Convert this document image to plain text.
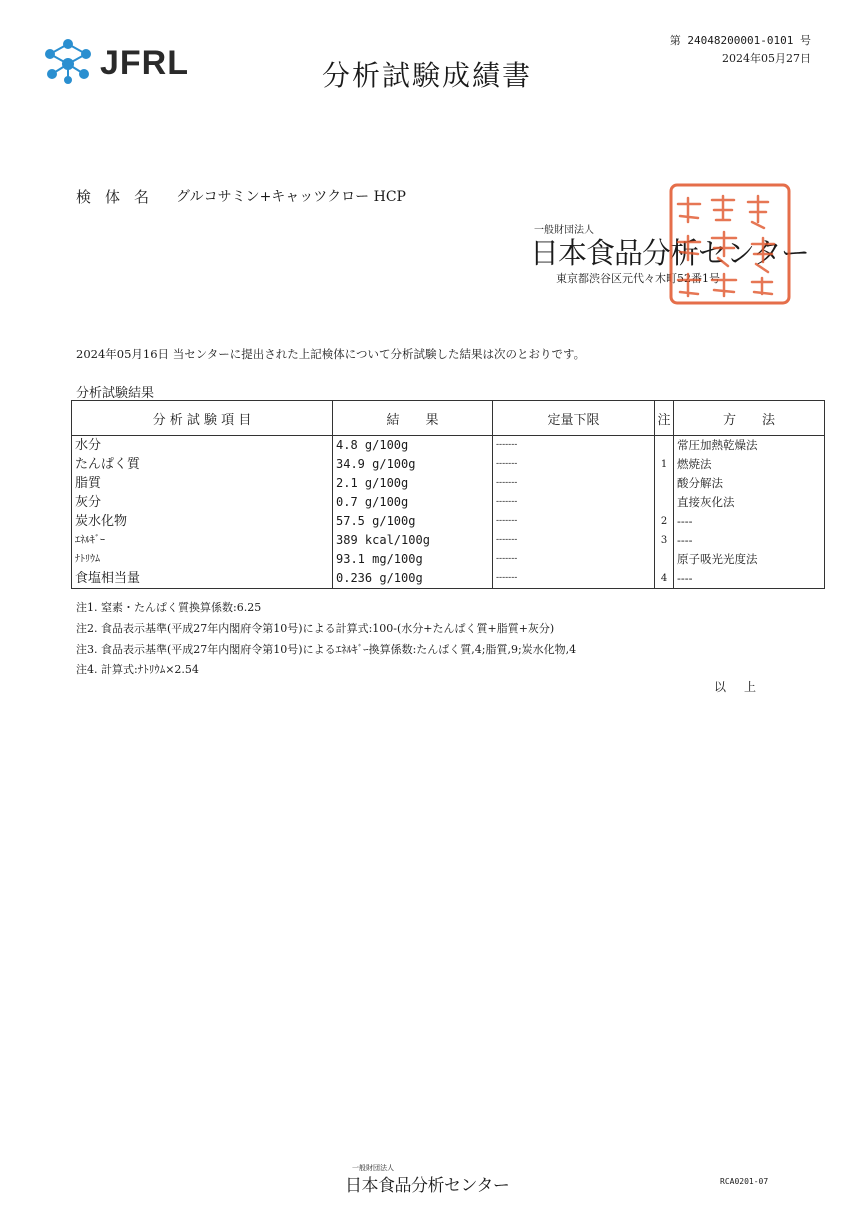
JFRL	分析試験成績書
第 24048200001-0101 号
2024年05月27日
検体名 グルコサミン+キャッツクロー HCP
一般財団法人
日本食品分析センター
東京都渋谷区元代々木町52番1号
2024年05月16日 当センターに提出された上記検体について分析試験した結果は次のとおりです。
分析試験結果
分 析 試 験 項 目	結　　果	定量下限	注	方　　法
水分	4.8 g/100g	-------		常圧加熱乾燥法
たんぱく質	34.9 g/100g	-------	1	燃焼法
脂質	2.1 g/100g	-------		酸分解法
灰分	0.7 g/100g	-------		直接灰化法
炭水化物	57.5 g/100g	-------	2	----
ｴﾈﾙｷﾞｰ	389 kcal/100g	-------	3	----
ﾅﾄﾘｳﾑ	93.1 mg/100g	-------		原子吸光光度法
食塩相当量	0.236 g/100g	-------	4	----
注1. 窒素・たんぱく質換算係数:6.25
注2. 食品表示基準(平成27年内閣府令第10号)による計算式:100-(水分+たんぱく質+脂質+灰分)
注3. 食品表示基準(平成27年内閣府令第10号)によるｴﾈﾙｷﾞｰ換算係数:たんぱく質,4;脂質,9;炭水化物,4
注4. 計算式:ﾅﾄﾘｳﾑ×2.54
以上
一般財団法人
日本食品分析センター	RCA0201-07
